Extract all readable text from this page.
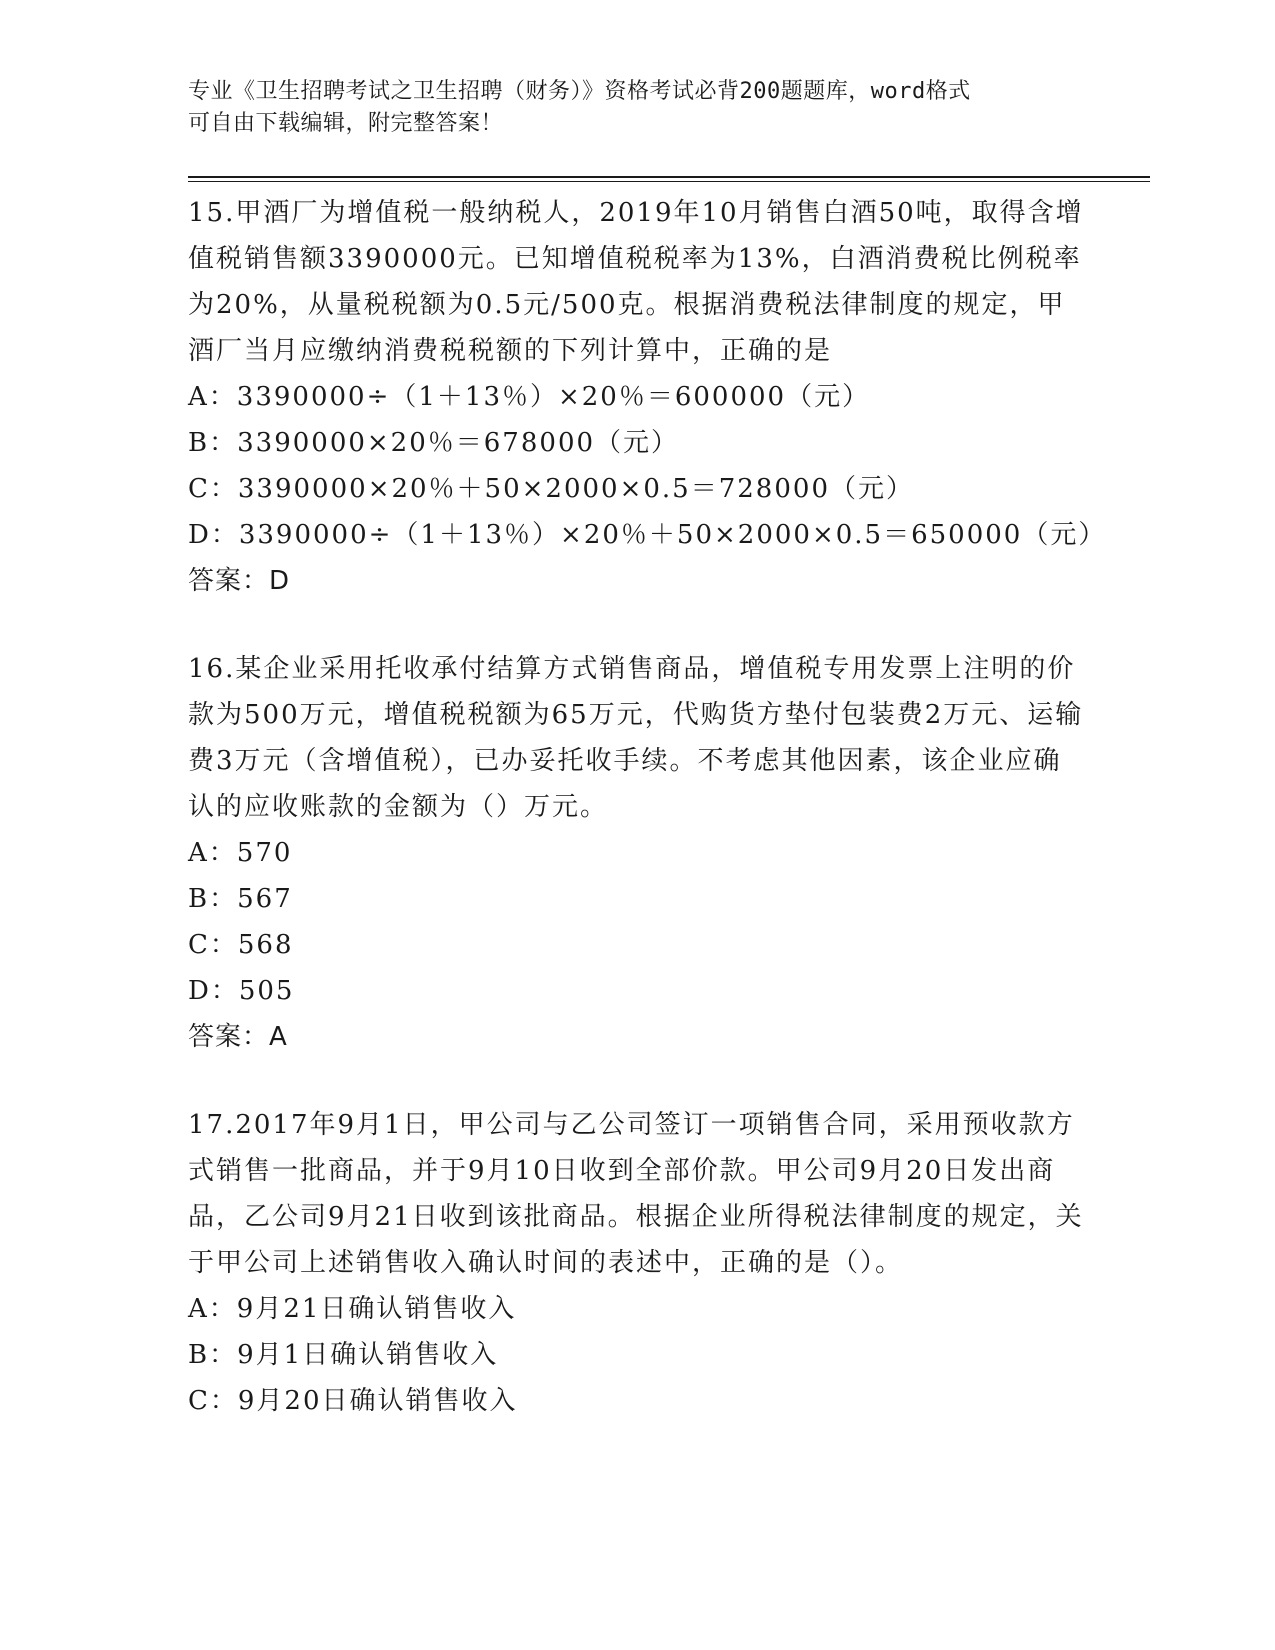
专业《卫生招聘考试之卫生招聘（财务）》资格考试必背200题题库，word格式
可自由下载编辑，附完整答案！

15.甲酒厂为增值税一般纳税人，2019年10月销售白酒50吨，取得含增值税销售额3390000元。已知增值税税率为13%，白酒消费税比例税率为20%，从量税税额为0.5元/500克。根据消费税法律制度的规定，甲酒厂当月应缴纳消费税税额的下列计算中，正确的是

A：3390000÷（1＋13％）×20％＝600000（元）

B：3390000×20％＝678000（元）

C：3390000×20％＋50×2000×0.5＝728000（元）

D：3390000÷（1＋13％）×20％＋50×2000×0.5＝650000（元）

答案：D

16.某企业采用托收承付结算方式销售商品，增值税专用发票上注明的价款为500万元，增值税税额为65万元，代购货方垫付包装费2万元、运输费3万元（含增值税），已办妥托收手续。不考虑其他因素，该企业应确认的应收账款的金额为（）万元。

A：570

B：567

C：568

D：505

答案：A

17.2017年9月1日，甲公司与乙公司签订一项销售合同，采用预收款方式销售一批商品，并于9月10日收到全部价款。甲公司9月20日发出商品，乙公司9月21日收到该批商品。根据企业所得税法律制度的规定，关于甲公司上述销售收入确认时间的表述中，正确的是（）。

A：9月21日确认销售收入

B：9月1日确认销售收入

C：9月20日确认销售收入
